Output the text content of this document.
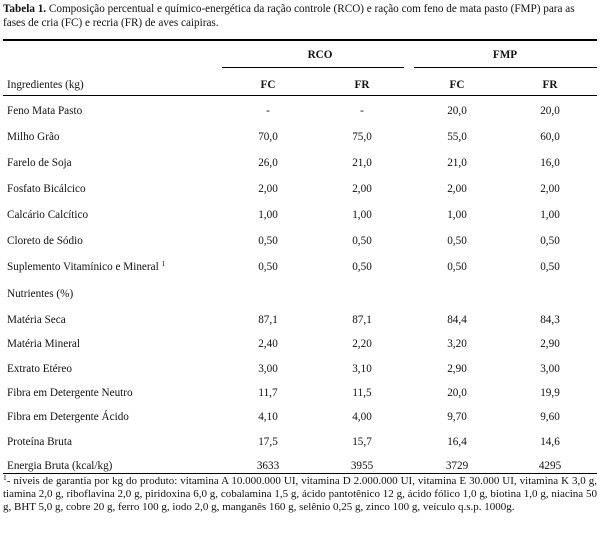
Tabela 1. Composição percentual e químico-energética da ração controle (RCO) e ração com feno de mata pasto (FMP) para as fases de cria (FC) e recria (FR) de aves caipiras.
RCO	FMP
Ingredientes (kg)	FC	FR	FC	FR
Feno Mata Pasto	-	-	20,0	20,0
Milho Grão	70,0	75,0	55,0	60,0
Farelo de Soja	26,0	21,0	21,0	16,0
Fosfato Bicálcico	2,00	2,00	2,00	2,00
Calcário Calcítico	1,00	1,00	1,00	1,00
Cloreto de Sódio	0,50	0,50	0,50	0,50
Suplemento Vitamínico e Mineral $^1$	0,50	0,50	0,50	0,50
Nutrientes (%)
Matéria Seca	87,1	87,1	84,4	84,3
Matéria Mineral	2,40	2,20	3,20	2,90
Extrato Etéreo	3,00	3,10	2,90	3,00
Fibra em Detergente Neutro	11,7	11,5	20,0	19,9
Fibra em Detergente Ácido	4,10	4,00	9,70	9,60
Proteína Bruta	17,5	15,7	16,4	14,6
Energia Bruta (kcal/kg)	3633	3955	3729	4295
$^1$- níveis de garantia por kg do produto: vitamina A 10.000.000 UI, vitamina D 2.000.000 UI, vitamina E 30.000 UI, vitamina K 3,0 g, tiamina 2,0 g, riboflavina 2,0 g, piridoxina 6,0 g, cobalamina 1,5 g, ácido pantotênico 12 g, ácido fólico 1,0 g, biotina 1,0 g, niacina 50 g, BHT 5,0 g, cobre 20 g, ferro 100 g, iodo 2,0 g, manganês 160 g, selênio 0,25 g, zinco 100 g, veículo q.s.p. 1000g.
